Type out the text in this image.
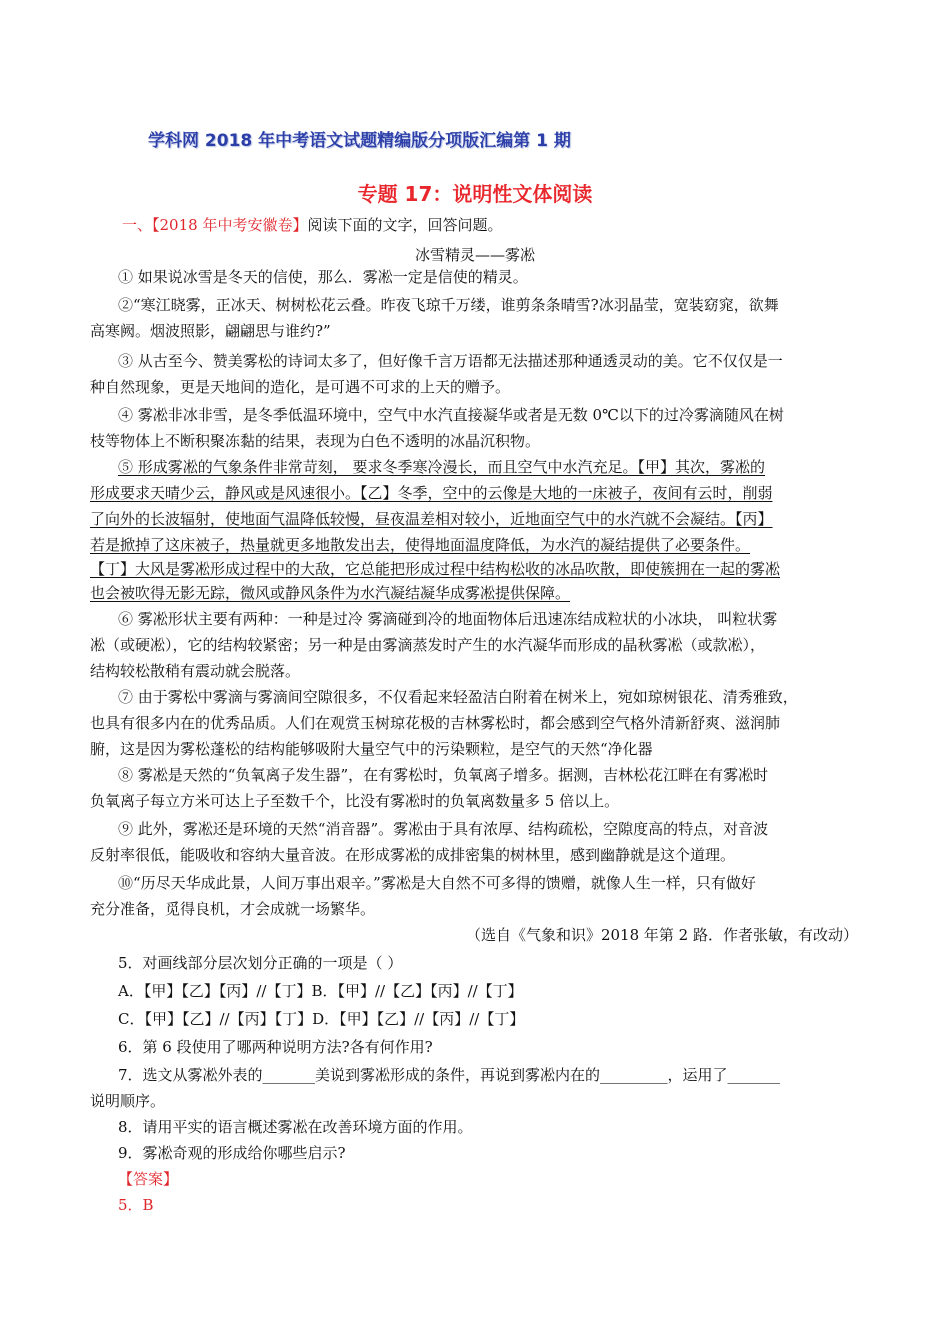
学科网 2018 年中考语文试题精编版分项版汇编第 1 期
专题 17：说明性文体阅读
一、【2018 年中考安徽卷】阅读下面的文字，回答问题。
冰雪精灵——雾凇
① 如果说冰雪是冬天的信使，那么．雾凇一定是信使的精灵。
②“寒江晓雾，正冰天、树树松花云叠。昨夜飞琼千万缕，谁剪条条晴雪?冰羽晶莹，宽装窈窕，欲舞
高寒阙。烟波照影，翩翩思与谁约?”
③ 从古至今、赞美雾松的诗词太多了，但好像千言万语都无法描述那种通透灵动的美。它不仅仅是一
种自然现象，更是天地间的造化，是可遇不可求的上天的赠予。
④ 雾凇非冰非雪，是冬季低温环境中，空气中水汽直接凝华或者是无数 0℃以下的过冷雾滴随风在树
枝等物体上不断积聚冻黏的结果，表现为白色不透明的冰晶沉积物。
⑤ 形成雾凇的气象条件非常苛刻， 要求冬季寒冷漫长，而且空气中水汽充足。【甲】其次，雾凇的
形成要求天晴少云，静风或是风速很小。【乙】冬季，空中的云像是大地的一床被子，夜间有云时，削弱
了向外的长波辐射，使地面气温降低较慢，昼夜温差相对较小，近地面空气中的水汽就不会凝结。【丙】
若是掀掉了这床被子，热量就更多地散发出去，使得地面温度降低，为水汽的凝结提供了必要条件。
【丁】大风是雾凇形成过程中的大敌，它总能把形成过程中结构松收的冰品吹散，即使簇拥在一起的雾凇
也会被吹得无影无踪，微风或静风条件为水汽凝结凝华成雾凇提供保障。
⑥ 雾凇形状主要有两种：一种是过冷 雾滴碰到冷的地面物体后迅速冻结成粒状的小冰块， 叫粒状雾
凇（或硬凇），它的结构较紧密；另一种是由雾滴蒸发时产生的水汽凝华而形成的晶秋雾凇（或款凇），
结构较松散稍有震动就会脱落。
⑦ 由于雾松中雾滴与雾滴间空隙很多，不仅看起来轻盈洁白附着在树米上，宛如琼树银花、清秀雅致，
也具有很多内在的优秀品质。人们在观赏玉树琼花极的吉林雾松时，都会感到空气格外清新舒爽、滋润肺
腑，这是因为雾松蓬松的结构能够吸附大量空气中的污染颗粒，是空气的天然“净化器
⑧ 雾凇是天然的“负氧离子发生器”，在有雾松时，负氧离子增多。据测，吉林松花江畔在有雾凇时
负氧离子每立方米可达上子至数千个，比没有雾凇时的负氧离数量多 5 倍以上。
⑨ 此外，雾凇还是环境的天然“消音器”。雾凇由于具有浓厚、结构疏松，空隙度高的特点，对音波
反射率很低，能吸收和容纳大量音波。在形成雾凇的成排密集的树林里，感到幽静就是这个道理。
⑩“历尽天华成此景，人间万事出艰辛。”雾凇是大自然不可多得的馈赠，就像人生一样，只有做好
充分准备，觅得良机，才会成就一场繁华。
（选自《气象和识》2018 年第 2 路．作者张敏，有改动）
5．对画线部分层次划分正确的一项是（ ）
A．【甲】【乙】【丙】//【丁】B．【甲】//【乙】【丙】//【丁】
C．【甲】【乙】//【丙】【丁】D．【甲】【乙】//【丙】//【丁】
6．第 6 段使用了哪两种说明方法?各有何作用?
7．选文从雾凇外表的_______美说到雾凇形成的条件，再说到雾凇内在的_________，运用了_______
说明顺序。
8．请用平实的语言概述雾凇在改善环境方面的作用。
9．雾凇奇观的形成给你哪些启示?
【答案】
5．B
